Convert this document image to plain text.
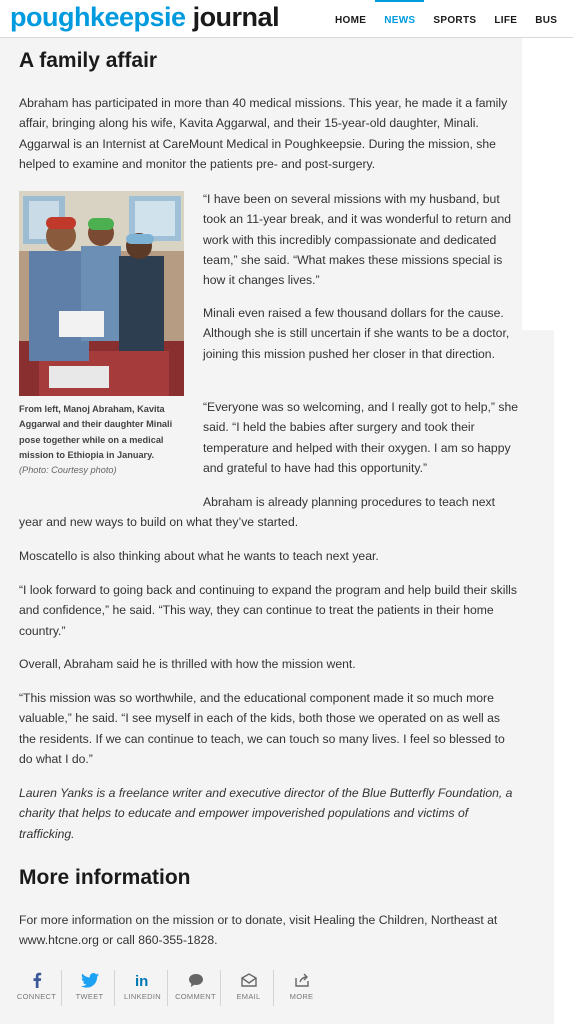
poughkeepsie journal	HOME	NEWS	SPORTS	LIFE	BUS
A family affair

Abraham has participated in more than 40 medical missions. This year, he made it a family affair, bringing along his wife, Kavita Aggarwal, and their 15-year-old daughter, Minali. Aggarwal is an Internist at CareMount Medical in Poughkeepsie. During the mission, she helped to examine and monitor the patients pre- and post-surgery.

From left, Manoj Abraham, Kavita Aggarwal and their daughter Minali pose together while on a medical mission to Ethiopia in January. (Photo: Courtesy photo)

“I have been on several missions with my husband, but took an 11-year break, and it was wonderful to return and work with this incredibly compassionate and dedicated team,” she said. “What makes these missions special is how it changes lives.”

Minali even raised a few thousand dollars for the cause. Although she is still uncertain if she wants to be a doctor, joining this mission pushed her closer in that direction.

“Everyone was so welcoming, and I really got to help,” she said. “I held the babies after surgery and took their temperature and helped with their oxygen. I am so happy and grateful to have had this opportunity.”

Abraham is already planning procedures to teach next

year and new ways to build on what they’ve started.

Moscatello is also thinking about what he wants to teach next year.

“I look forward to going back and continuing to expand the program and help build their skills and confidence,” he said. “This way, they can continue to treat the patients in their home country.”

Overall, Abraham said he is thrilled with how the mission went.

“This mission was so worthwhile, and the educational component made it so much more valuable,” he said. “I see myself in each of the kids, both those we operated on as well as the residents. If we can continue to teach, we can touch so many lives. I feel so blessed to do what I do.”

Lauren Yanks is a freelance writer and executive director of the Blue Butterfly Foundation, a charity that helps to educate and empower impoverished populations and victims of trafficking.

More information

For more information on the mission or to donate, visit Healing the Children, Northeast at www.htcne.org or call 860-355-1828.

CONNECT	TWEET
in
LINKEDIN	COMMENT	EMAIL	MORE
